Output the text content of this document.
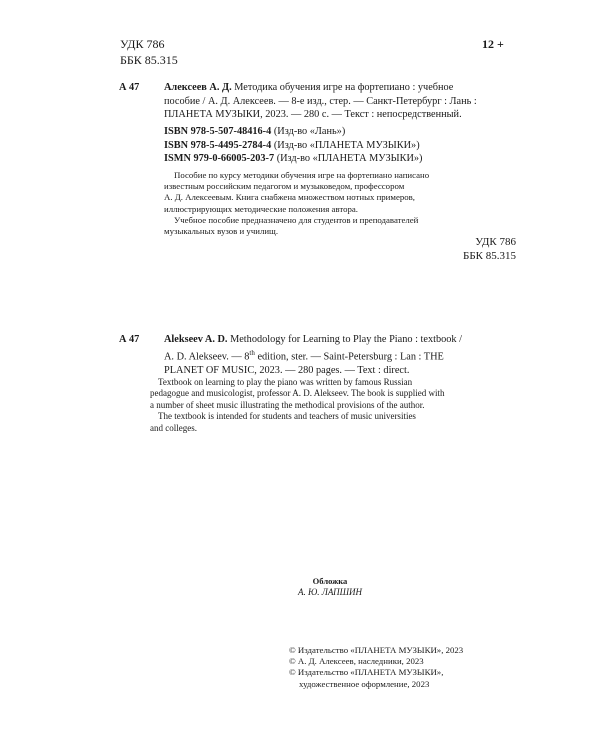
УДК 786
ББК 85.315
12 +
А 47 Алексеев А. Д. Методика обучения игре на фортепиано : учебное
пособие / А. Д. Алексеев. — 8-е изд., стер. — Санкт-Петербург : Лань :
ПЛАНЕТА МУЗЫКИ, 2023. — 280 с. — Текст : непосредственный.
ISBN 978-5-507-48416-4 (Изд-во «Лань»)
ISBN 978-5-4495-2784-4 (Изд-во «ПЛАНЕТА МУЗЫКИ»)
ISMN 979-0-66005-203-7 (Изд-во «ПЛАНЕТА МУЗЫКИ»)
Пособие по курсу методики обучения игре на фортепиано написано
известным российским педагогом и музыковедом, профессором
А. Д. Алексеевым. Книга снабжена множеством нотных примеров,
иллюстрирующих методические положения автора.
Учебное пособие предназначено для студентов и преподавателей
музыкальных вузов и училищ.
УДК 786
ББК 85.315
А 47 Alekseev A. D. Methodology for Learning to Play the Piano : textbook /
A. D. Alekseev. — 8th edition, ster. — Saint-Petersburg : Lan : THE
PLANET OF MUSIC, 2023. — 280 pages. — Text : direct.
Textbook on learning to play the piano was written by famous Russian
pedagogue and musicologist, professor A. D. Alekseev. The book is supplied with
a number of sheet music illustrating the methodical provisions of the author.
The textbook is intended for students and teachers of music universities
and colleges.
Обложка
А. Ю. ЛАПШИН
© Издательство «ПЛАНЕТА МУЗЫКИ», 2023
© А. Д. Алексеев, наследники, 2023
© Издательство «ПЛАНЕТА МУЗЫКИ»,
художественное оформление, 2023
